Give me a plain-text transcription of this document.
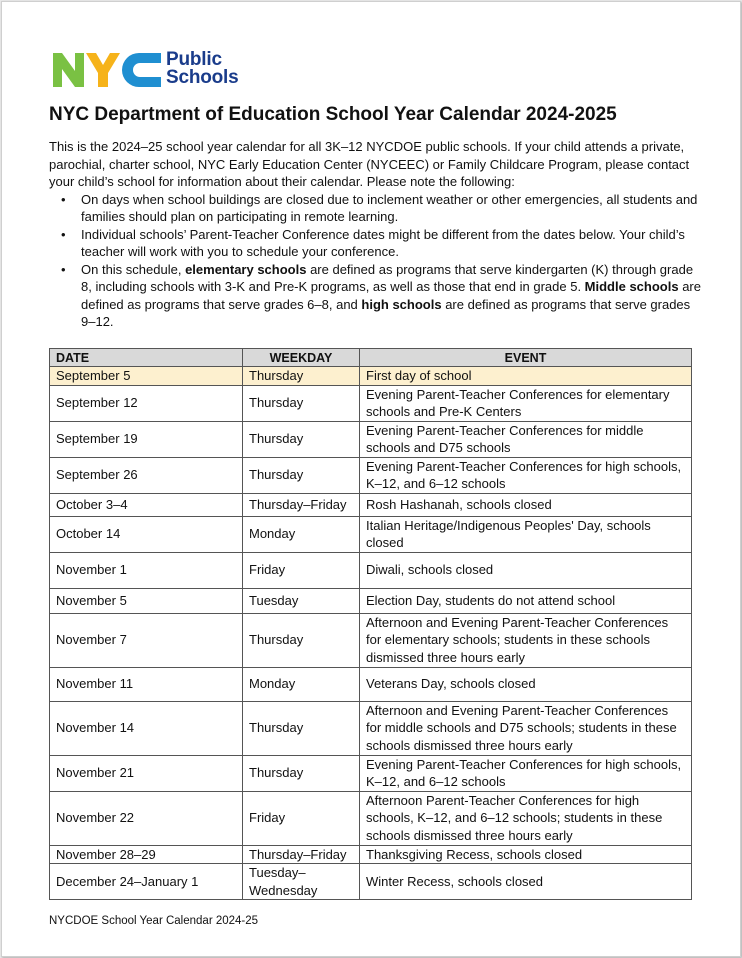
Public
Schools
NYC Department of Education School Year Calendar 2024-2025

This is the 2024–25 school year calendar for all 3K–12 NYCDOE public schools. If your child attends a private, parochial, charter school, NYC Early Education Center (NYCEEC) or Family Childcare Program, please contact your child’s school for information about their calendar. Please note the following:

• On days when school buildings are closed due to inclement weather or other emergencies, all students and families should plan on participating in remote learning.
• Individual schools’ Parent-Teacher Conference dates might be different from the dates below. Your child’s teacher will work with you to schedule your conference.
• On this schedule, elementary schools are defined as programs that serve kindergarten (K) through grade 8, including schools with 3-K and Pre-K programs, as well as those that end in grade 5. Middle schools are defined as programs that serve grades 6–8, and high schools are defined as programs that serve grades 9–12.
DATE	WEEKDAY	EVENT
September 5	Thursday	First day of school
September 12	Thursday	Evening Parent-Teacher Conferences for elementary schools and Pre-K Centers
September 19	Thursday	Evening Parent-Teacher Conferences for middle schools and D75 schools
September 26	Thursday	Evening Parent-Teacher Conferences for high schools, K–12, and 6–12 schools
October 3–4	Thursday–Friday	Rosh Hashanah, schools closed
October 14	Monday	Italian Heritage/Indigenous Peoples' Day, schools closed
November 1	Friday	Diwali, schools closed
November 5	Tuesday	Election Day, students do not attend school
November 7	Thursday	Afternoon and Evening Parent-Teacher Conferences for elementary schools; students in these schools dismissed three hours early
November 11	Monday	Veterans Day, schools closed
November 14	Thursday	Afternoon and Evening Parent-Teacher Conferences for middle schools and D75 schools; students in these schools dismissed three hours early
November 21	Thursday	Evening Parent-Teacher Conferences for high schools, K–12, and 6–12 schools
November 22	Friday	Afternoon Parent-Teacher Conferences for high schools, K–12, and 6–12 schools; students in these schools dismissed three hours early
November 28–29	Thursday–Friday	Thanksgiving Recess, schools closed
December 24–January 1	Tuesday–Wednesday	Winter Recess, schools closed
NYCDOE School Year Calendar 2024-25
